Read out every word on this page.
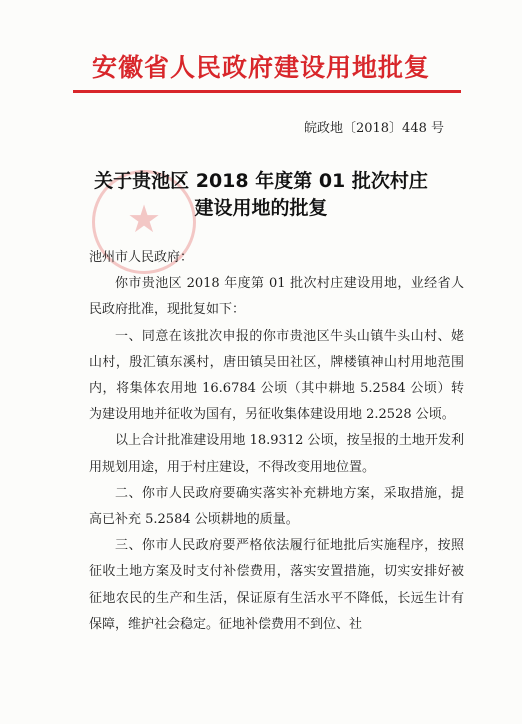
安徽省人民政府建设用地批复
皖政地〔2018〕448 号
★
关于贵池区 2018 年度第 01 批次村庄
建设用地的批复

池州市人民政府：

你市贵池区 2018 年度第 01 批次村庄建设用地，业经省人民政府批准，现批复如下：

一、同意在该批次申报的你市贵池区牛头山镇牛头山村、姥山村，殷汇镇东溪村，唐田镇吴田社区，牌楼镇神山村用地范围内，将集体农用地 16.6784 公顷（其中耕地 5.2584 公顷）转为建设用地并征收为国有，另征收集体建设用地 2.2528 公顷。

以上合计批准建设用地 18.9312 公顷，按呈报的土地开发利用规划用途，用于村庄建设，不得改变用地位置。

二、你市人民政府要确实落实补充耕地方案，采取措施，提高已补充 5.2584 公顷耕地的质量。

三、你市人民政府要严格依法履行征地批后实施程序，按照征收土地方案及时支付补偿费用，落实安置措施，切实安排好被征地农民的生产和生活，保证原有生活水平不降低，长远生计有保障，维护社会稳定。征地补偿费用不到位、社
